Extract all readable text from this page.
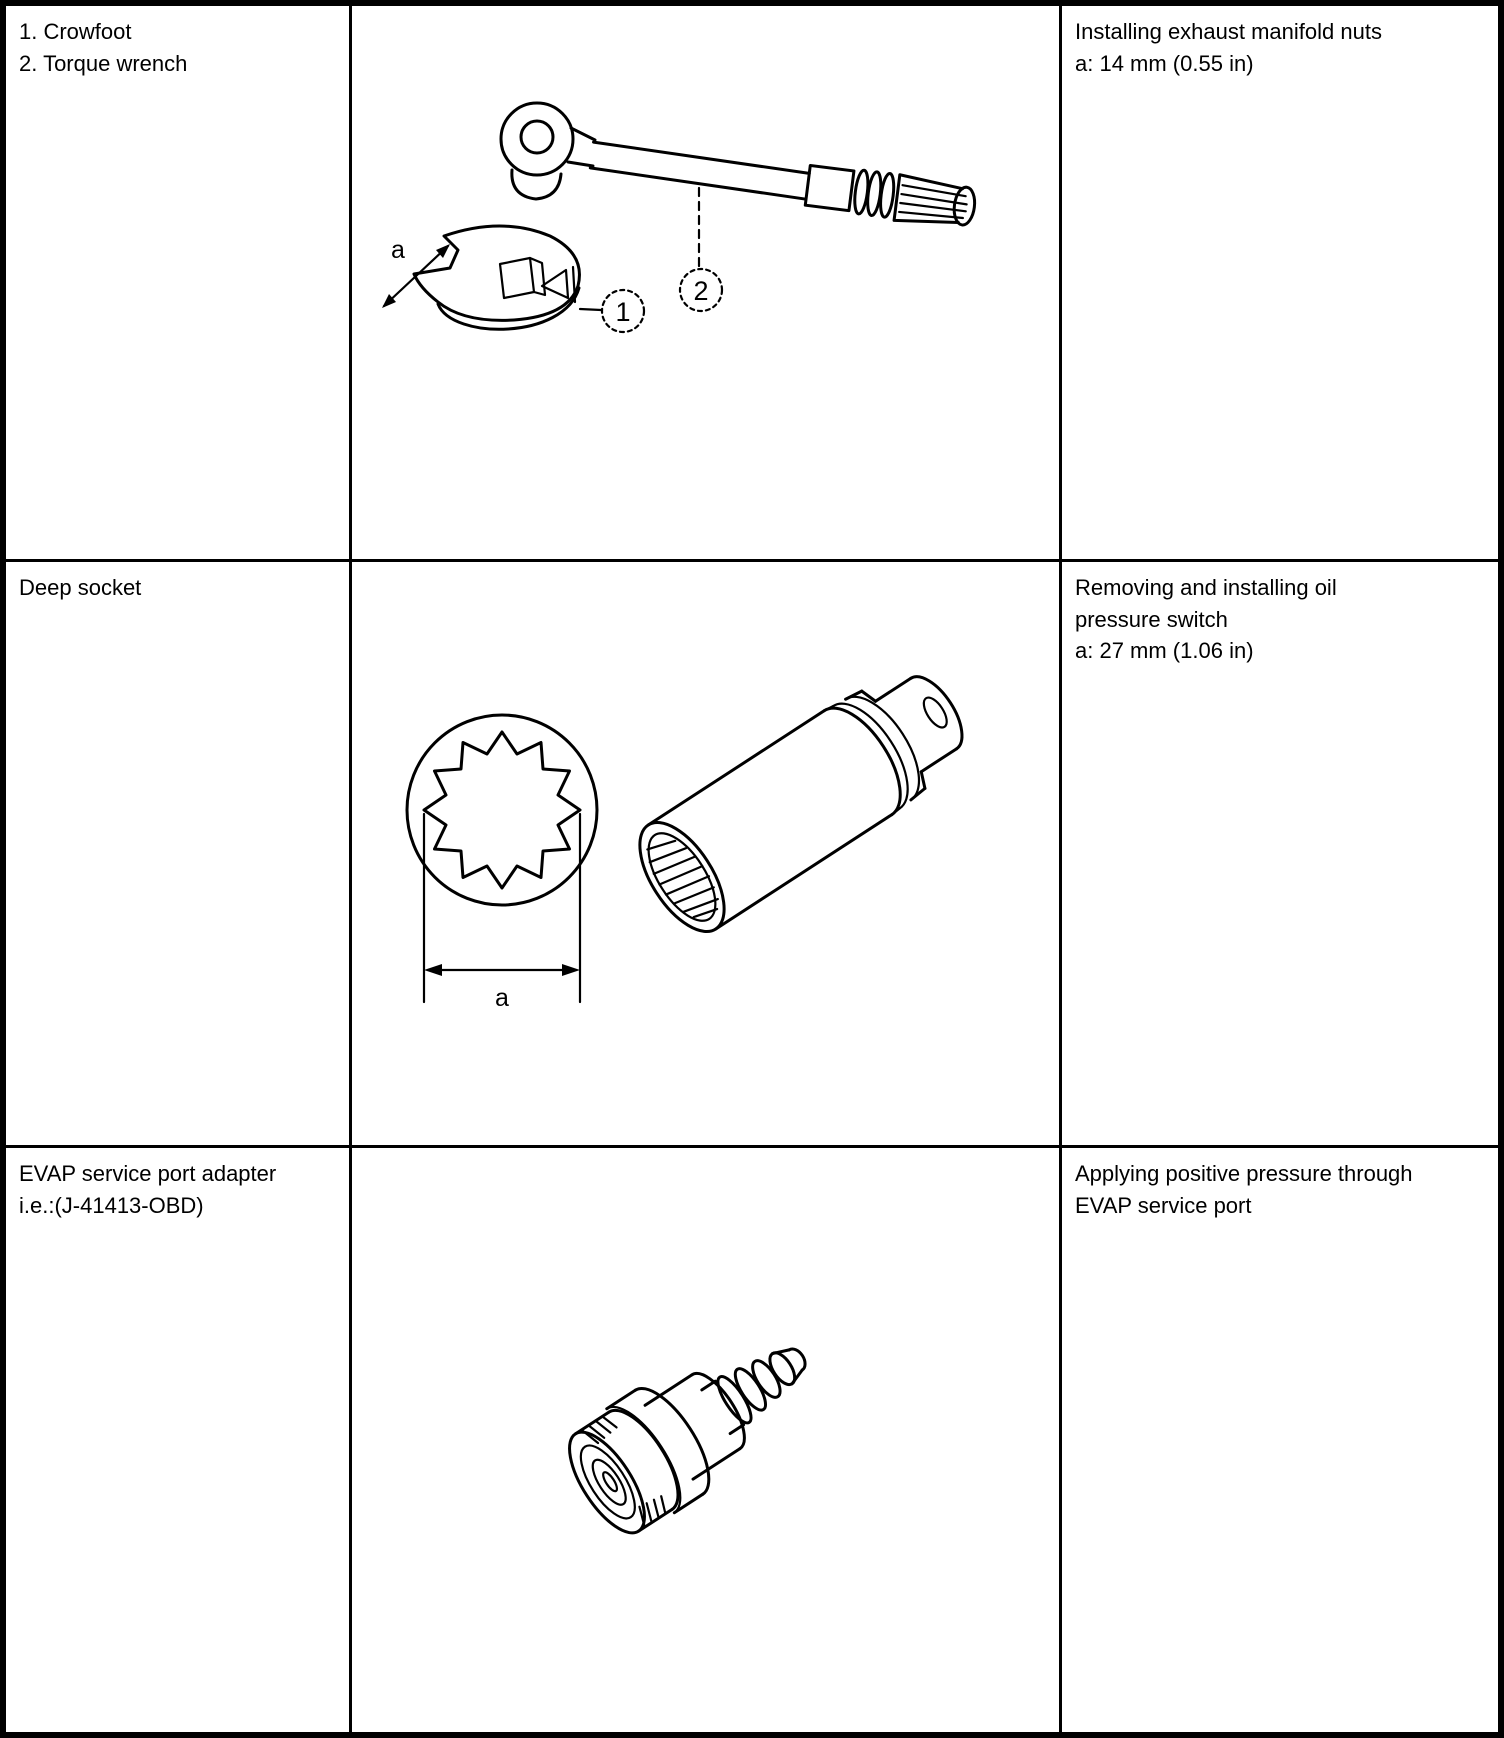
1. Crowfoot
2. Torque wrench
a
1
2
Installing exhaust manifold nuts
a: 14 mm (0.55 in)
Deep socket
a
Removing and installing oil
pressure switch
a: 27 mm (1.06 in)
EVAP service port adapter
i.e.:(J-41413-OBD)
Applying positive pressure through
EVAP service port
